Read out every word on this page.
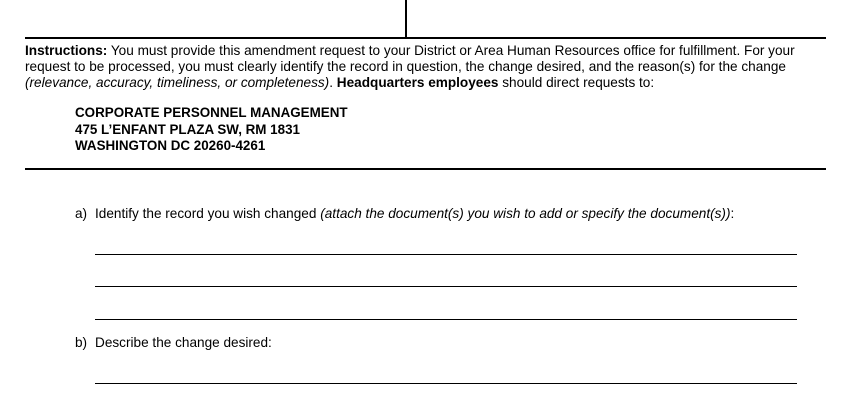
Instructions: You must provide this amendment request to your District or Area Human Resources office for fulfillment. For your request to be processed, you must clearly identify the record in question, the change desired, and the reason(s) for the change (relevance, accuracy, timeliness, or completeness). Headquarters employees should direct requests to:
CORPORATE PERSONNEL MANAGEMENT
475 L’ENFANT PLAZA SW, RM 1831
WASHINGTON DC 20260-4261
a) Identify the record you wish changed (attach the document(s) you wish to add or specify the document(s)):
b) Describe the change desired:
